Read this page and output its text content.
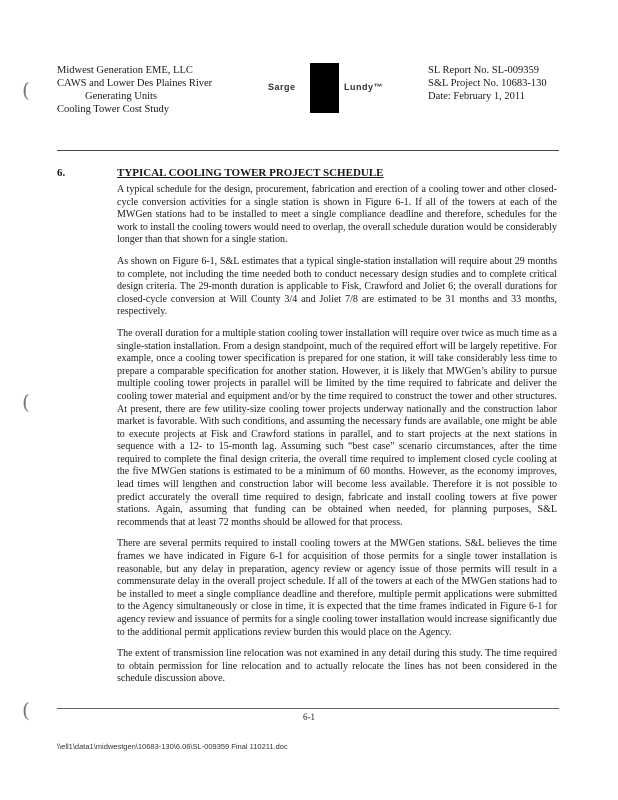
Midwest Generation EME, LLC
CAWS and Lower Des Plaines River
Generating Units
Cooling Tower Cost Study
Sarge	Lundy™
SL Report No. SL-009359
S&L Project No. 10683-130
Date: February 1, 2011
6.	TYPICAL COOLING TOWER PROJECT SCHEDULE

A typical schedule for the design, procurement, fabrication and erection of a cooling tower and other closed-cycle conversion activities for a single station is shown in Figure 6-1. If all of the towers at each of the MWGen stations had to be installed to meet a single compliance deadline and therefore, schedules for the work to install the cooling towers would need to overlap, the overall schedule duration would be considerably longer than that shown for a single station.

As shown on Figure 6-1, S&L estimates that a typical single-station installation will require about 29 months to complete, not including the time needed both to conduct necessary design studies and to complete critical design criteria. The 29-month duration is applicable to Fisk, Crawford and Joliet 6; the overall durations for closed-cycle conversion at Will County 3/4 and Joliet 7/8 are estimated to be 31 months and 33 months, respectively.

The overall duration for a multiple station cooling tower installation will require over twice as much time as a single-station installation. From a design standpoint, much of the required effort will be largely repetitive. For example, once a cooling tower specification is prepared for one station, it will take considerably less time to prepare a comparable specification for another station. However, it is likely that MWGen’s ability to pursue multiple cooling tower projects in parallel will be limited by the time required to fabricate and deliver the cooling tower material and equipment and/or by the time required to construct the tower and other structures. At present, there are few utility-size cooling tower projects underway nationally and the construction labor market is favorable. With such conditions, and assuming the necessary funds are available, one might be able to execute projects at Fisk and Crawford stations in parallel, and to start projects at the next stations in sequence with a 12- to 15-month lag. Assuming such “best case” scenario circumstances, after the time required to complete the final design criteria, the overall time required to implement closed cycle cooling at the five MWGen stations is estimated to be a minimum of 60 months. However, as the economy improves, lead times will lengthen and construction labor will become less available. Therefore it is not possible to predict accurately the overall time required to design, fabricate and install cooling towers at five power stations. Again, assuming that funding can be obtained when needed, for planning purposes, S&L recommends that at least 72 months should be allowed for that process.

There are several permits required to install cooling towers at the MWGen stations. S&L believes the time frames we have indicated in Figure 6-1 for acquisition of those permits for a single tower installation is reasonable, but any delay in preparation, agency review or agency issue of those permits will result in a commensurate delay in the overall project schedule. If all of the towers at each of the MWGen stations had to be installed to meet a single compliance deadline and therefore, multiple permit applications were submitted to the Agency simultaneously or close in time, it is expected that the time frames indicated in Figure 6-1 for agency review and issuance of permits for a single cooling tower installation would increase significantly due to the additional permit applications review burden this would place on the Agency.

The extent of transmission line relocation was not examined in any detail during this study. The time required to obtain permission for line relocation and to actually relocate the lines has not been considered in the schedule discussion above.

6-1
\\ell1\data1\midwestgen\10683-130\6.06\SL-009359 Final 110211.doc
(
(
(
